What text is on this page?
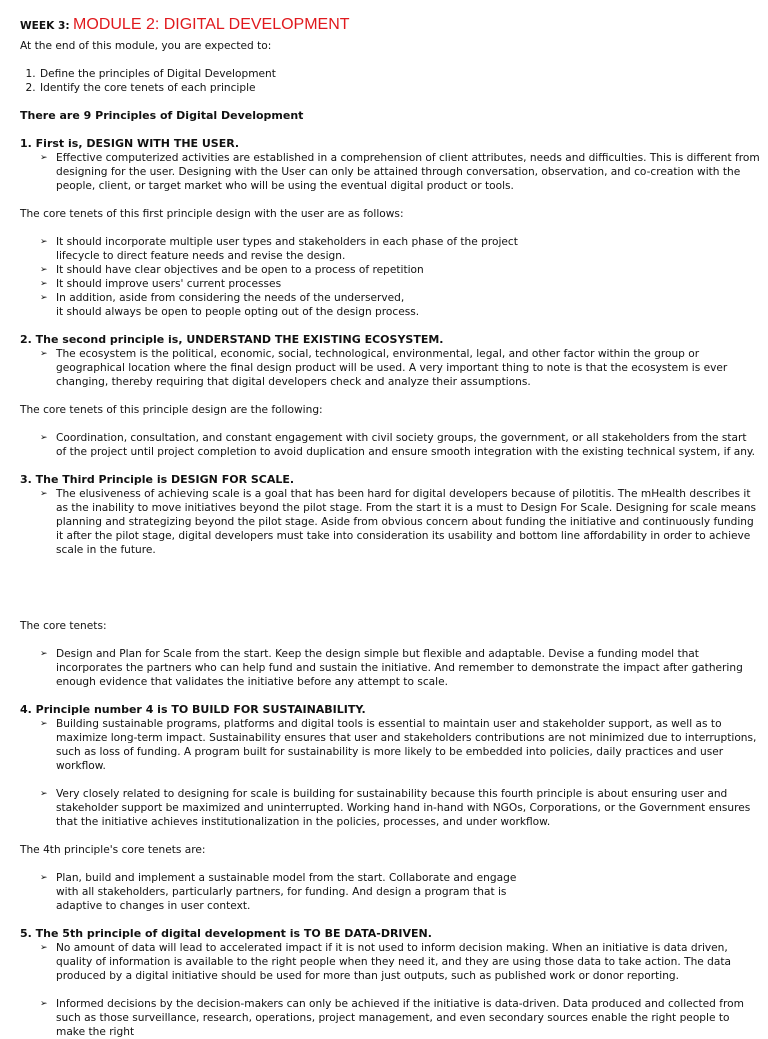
WEEK 3: MODULE 2: DIGITAL DEVELOPMENT

At the end of this module, you are expected to:

1. Define the principles of Digital Development
2. Identify the core tenets of each principle

There are 9 Principles of Digital Development

1. First is, DESIGN WITH THE USER.

➢ Effective computerized activities are established in a comprehension of client attributes, needs and difficulties. This is different from designing for the user. Designing with the User can only be attained through conversation, observation, and co-creation with the people, client, or target market who will be using the eventual digital product or tools.

The core tenets of this first principle design with the user are as follows:

➢ It should incorporate multiple user types and stakeholders in each phase of the project
lifecycle to direct feature needs and revise the design.
➢ It should have clear objectives and be open to a process of repetition
➢ It should improve users' current processes
➢ In addition, aside from considering the needs of the underserved,
it should always be open to people opting out of the design process.

2. The second principle is, UNDERSTAND THE EXISTING ECOSYSTEM.

➢ The ecosystem is the political, economic, social, technological, environmental, legal, and other factor within the group or geographical location where the final design product will be used. A very important thing to note is that the ecosystem is ever changing, thereby requiring that digital developers check and analyze their assumptions.

The core tenets of this principle design are the following:

➢ Coordination, consultation, and constant engagement with civil society groups, the government, or all stakeholders from the start of the project until project completion to avoid duplication and ensure smooth integration with the existing technical system, if any.

3. The Third Principle is DESIGN FOR SCALE.

➢ The elusiveness of achieving scale is a goal that has been hard for digital developers because of pilotitis. The mHealth describes it as the inability to move initiatives beyond the pilot stage. From the start it is a must to Design For Scale. Designing for scale means planning and strategizing beyond the pilot stage. Aside from obvious concern about funding the initiative and continuously funding it after the pilot stage, digital developers must take into consideration its usability and bottom line affordability in order to achieve scale in the future.

The core tenets:

➢ Design and Plan for Scale from the start. Keep the design simple but flexible and adaptable. Devise a funding model that incorporates the partners who can help fund and sustain the initiative. And remember to demonstrate the impact after gathering enough evidence that validates the initiative before any attempt to scale.

4. Principle number 4 is TO BUILD FOR SUSTAINABILITY.

➢ Building sustainable programs, platforms and digital tools is essential to maintain user and stakeholder support, as well as to maximize long-term impact. Sustainability ensures that user and stakeholders contributions are not minimized due to interruptions, such as loss of funding. A program built for sustainability is more likely to be embedded into policies, daily practices and user workflow.
➢ Very closely related to designing for scale is building for sustainability because this fourth principle is about ensuring user and stakeholder support be maximized and uninterrupted. Working hand in-hand with NGOs, Corporations, or the Government ensures that the initiative achieves institutionalization in the policies, processes, and under workflow.

The 4th principle's core tenets are:

➢ Plan, build and implement a sustainable model from the start. Collaborate and engage
with all stakeholders, particularly partners, for funding. And design a program that is
adaptive to changes in user context.

5. The 5th principle of digital development is TO BE DATA-DRIVEN.

➢ No amount of data will lead to accelerated impact if it is not used to inform decision making. When an initiative is data driven, quality of information is available to the right people when they need it, and they are using those data to take action. The data produced by a digital initiative should be used for more than just outputs, such as published work or donor reporting.
➢ Informed decisions by the decision-makers can only be achieved if the initiative is data-driven. Data produced and collected from such as those surveillance, research, operations, project management, and even secondary sources enable the right people to make the right
